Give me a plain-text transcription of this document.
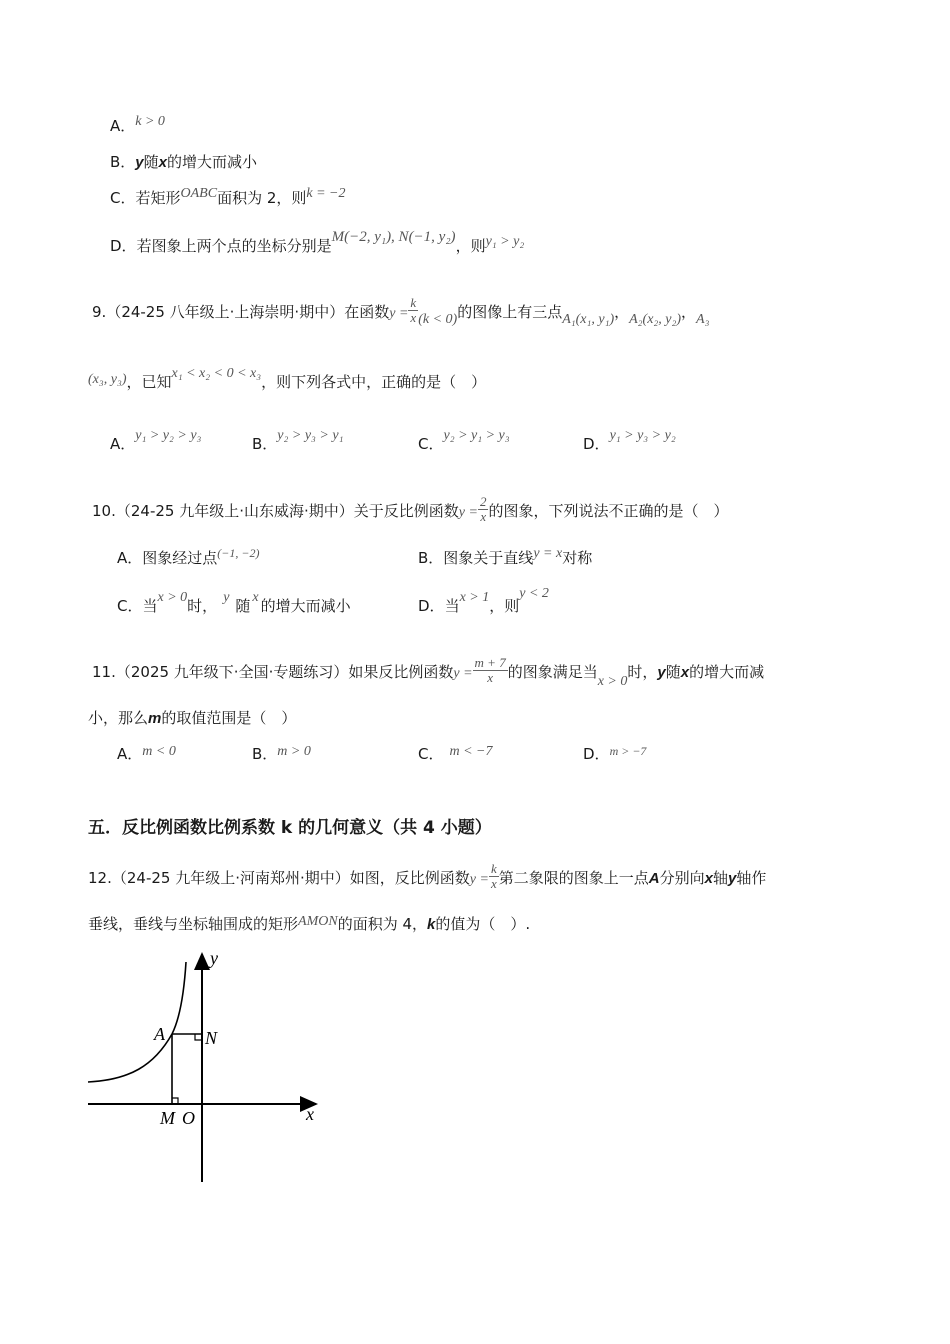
A．k > 0
B．y随x的增大而减小
C．若矩形OABC面积为 2，则k = −2
D．若图象上两个点的坐标分别是M(−2, y₁), N(−1, y₂)，则y₁ > y₂
9.（24-25 八年级上·上海崇明·期中）在函数$y = \frac{k}{x} (k < 0)$的图像上有三点A₁(x₁, y₁)，A₂(x₂, y₂)，A₃
(x₃, y₃)，已知x₁ < x₂ < 0 < x₃，则下列各式中，正确的是（　）
A．y₁ > y₂ > y₃	B．y₂ > y₃ > y₁	C．y₂ > y₁ > y₃	D．y₁ > y₃ > y₂
10.（24-25 九年级上·山东威海·期中）关于反比例函数$y = \frac{2}{x}$ 的图象，下列说法不正确的是（　）
A．图象经过点$^{(-1, -2)}$	B．图象关于直线y = x对称
C．当x > 0时， y 随 x 的增大而减小	D．当x > 1，则y < 2
11.（2025 九年级下·全国·专题练习）如果反比例函数$y = \frac{m + 7}{x}$ 的图象满足当x > 0时，y随x的增大而减
小，那么m的取值范围是（　）
A．m < 0	B．m > 0	C． m < −7	D．$^{m > -7}$
五．反比例函数比例系数 k 的几何意义（共 4 小题）
12.（24-25 九年级上·河南郑州·期中）如图，反比例函数$y = \frac{k}{x}$ 第二象限的图象上一点A分别向x轴y轴作
垂线，垂线与坐标轴围成的矩形AMON的面积为 4，k的值为（　）.
y
x
A N
M O
